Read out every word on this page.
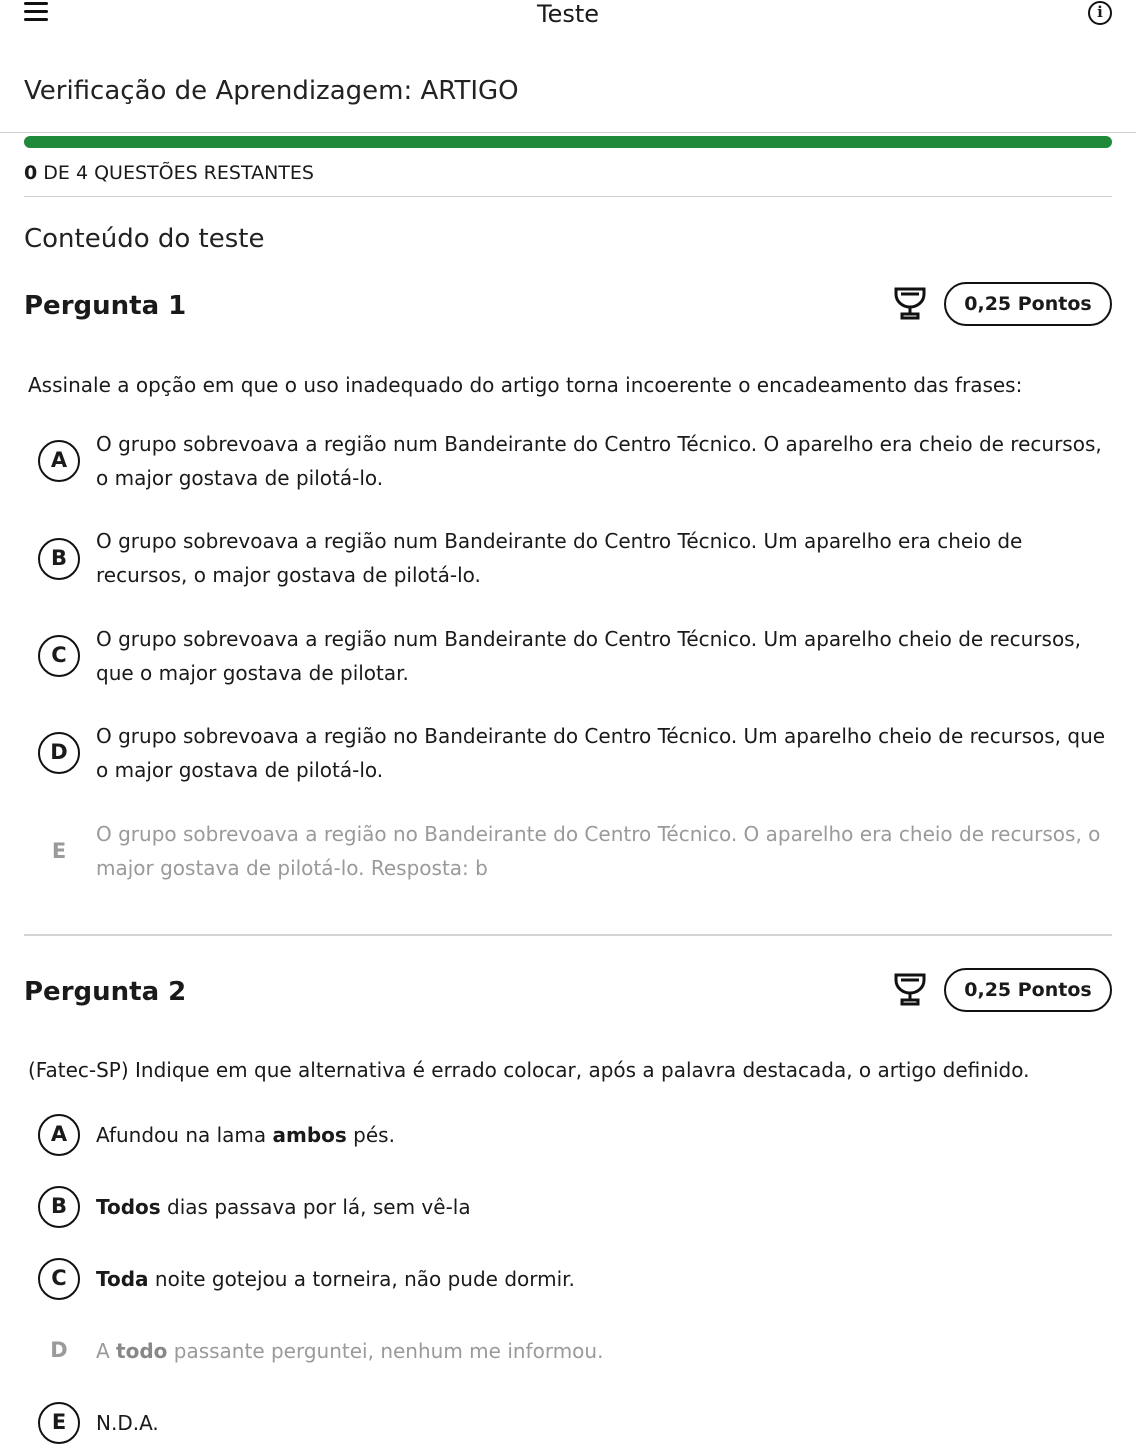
Teste	i
Verificação de Aprendizagem: ARTIGO
0 DE 4 QUESTÕES RESTANTES
Conteúdo do teste
Pergunta 1	0,25 Pontos
Assinale a opção em que o uso inadequado do artigo torna incoerente o encadeamento das frases:
A
O grupo sobrevoava a região num Bandeirante do Centro Técnico. O aparelho era cheio de recursos, o major gostava de pilotá-lo.
B
O grupo sobrevoava a região num Bandeirante do Centro Técnico. Um aparelho era cheio de recursos, o major gostava de pilotá-lo.
C
O grupo sobrevoava a região num Bandeirante do Centro Técnico. Um aparelho cheio de recursos, que o major gostava de pilotar.
D
O grupo sobrevoava a região no Bandeirante do Centro Técnico. Um aparelho cheio de recursos, que o major gostava de pilotá-lo.
E
O grupo sobrevoava a região no Bandeirante do Centro Técnico. O aparelho era cheio de recursos, o major gostava de pilotá-lo. Resposta: b
Pergunta 2	0,25 Pontos
(Fatec-SP) Indique em que alternativa é errado colocar, após a palavra destacada, o artigo definido.
A	Afundou na lama ambos pés.
B	Todos dias passava por lá, sem vê-la
C	Toda noite gotejou a torneira, não pude dormir.
D	A todo passante perguntei, nenhum me informou.
E	N.D.A.
